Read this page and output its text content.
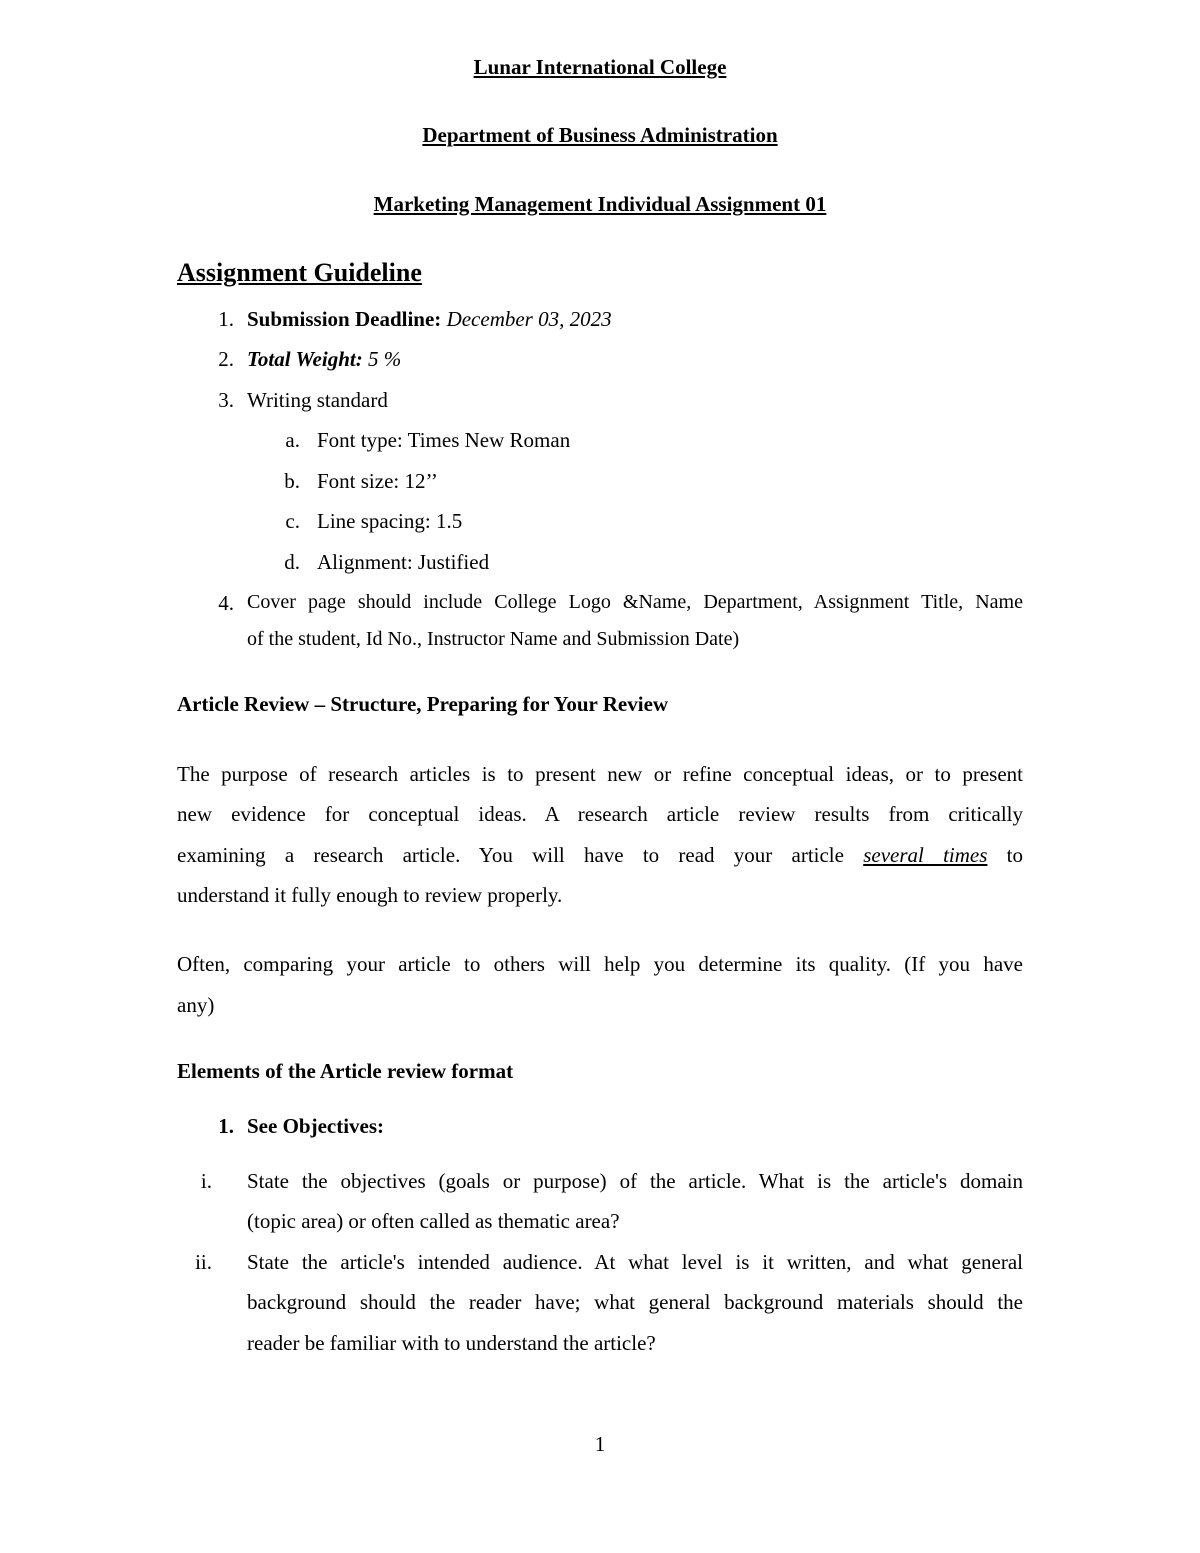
Lunar International College
Department of Business Administration
Marketing Management Individual Assignment 01
Assignment Guideline
1. Submission Deadline: December 03, 2023
2. Total Weight: 5 %
3. Writing standard
a. Font type: Times New Roman
b. Font size: 12’’
c. Line spacing: 1.5
d. Alignment: Justified
4. Cover page should include College Logo &Name, Department, Assignment Title, Name
of the student, Id No., Instructor Name and Submission Date)
Article Review – Structure, Preparing for Your Review
The purpose of research articles is to present new or refine conceptual ideas, or to present
new evidence for conceptual ideas. A research article review results from critically
examining a research article. You will have to read your article several times to
understand it fully enough to review properly.
Often, comparing your article to others will help you determine its quality. (If you have
any)
Elements of the Article review format
1. See Objectives:
i. State the objectives (goals or purpose) of the article. What is the article's domain
(topic area) or often called as thematic area?
ii. State the article's intended audience. At what level is it written, and what general
background should the reader have; what general background materials should the
reader be familiar with to understand the article?
1
